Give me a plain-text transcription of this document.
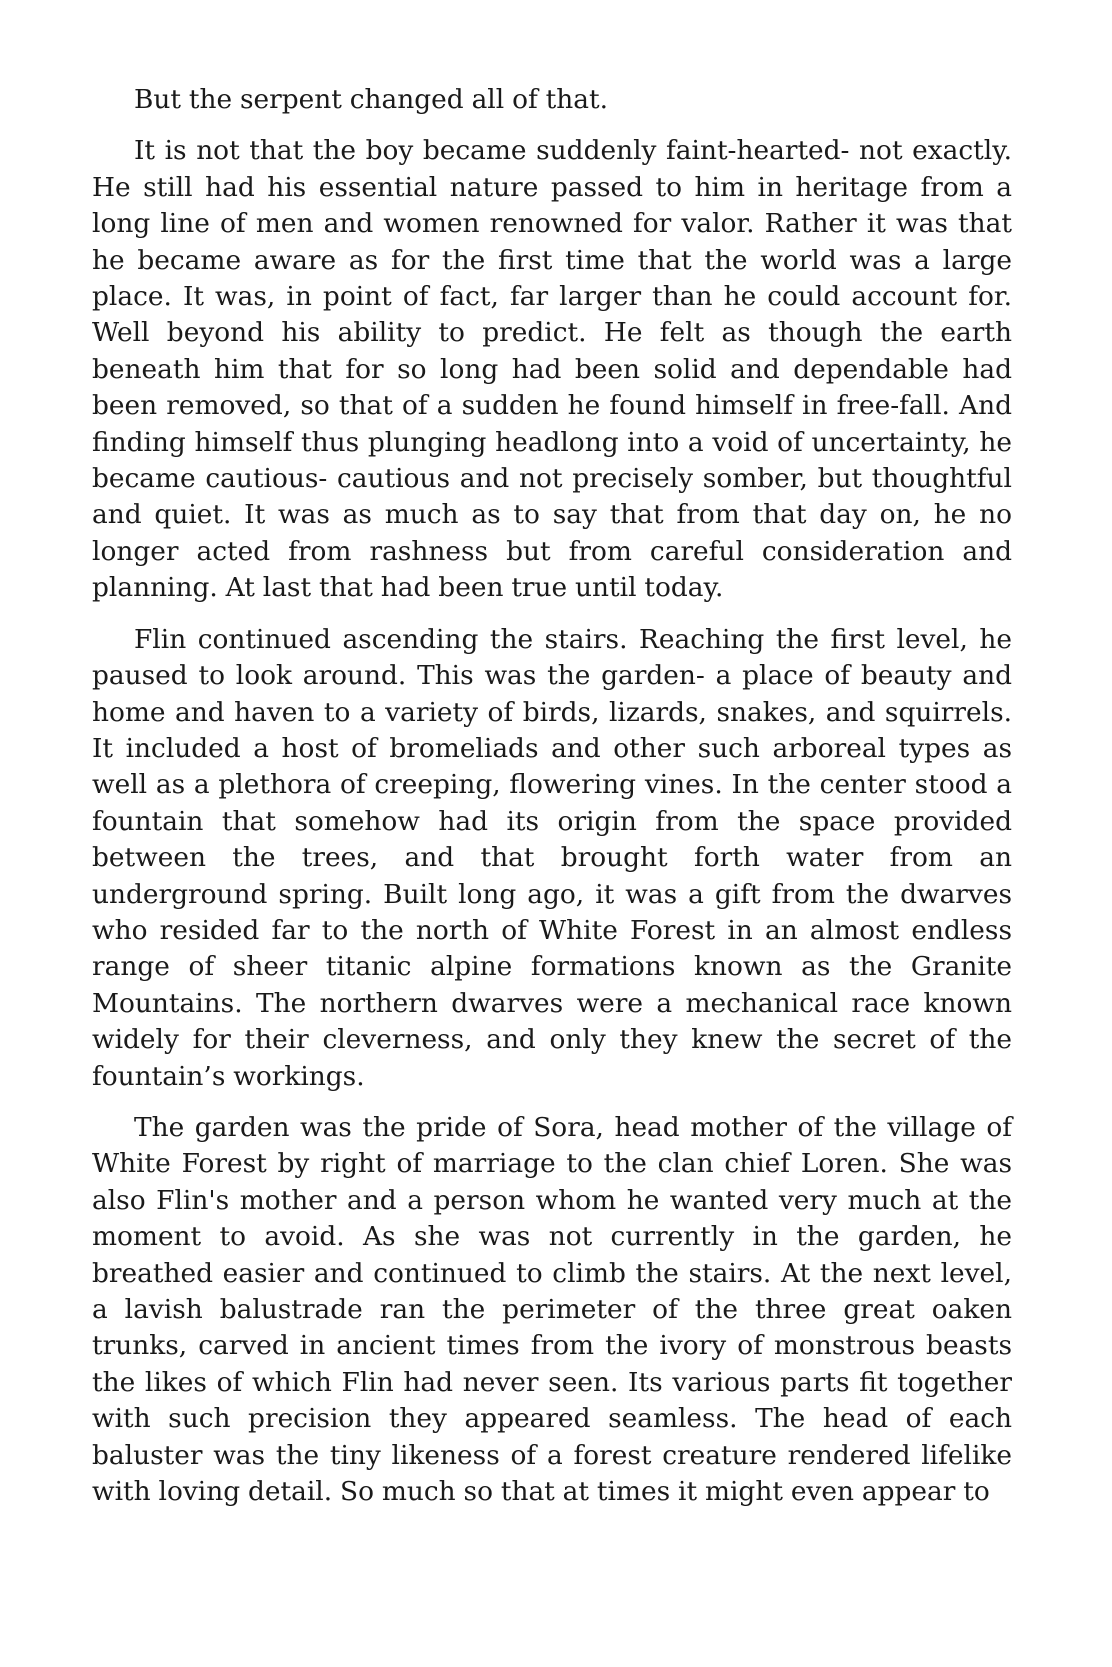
But the serpent changed all of that.

It is not that the boy became suddenly faint-hearted- not exactly. He still had his essential nature passed to him in heritage from a long line of men and women renowned for valor. Rather it was that he became aware as for the first time that the world was a large place. It was, in point of fact, far larger than he could account for. Well beyond his ability to predict. He felt as though the earth beneath him that for so long had been solid and dependable had been removed, so that of a sudden he found himself in free-fall. And finding himself thus plunging headlong into a void of uncertainty, he became cautious- cautious and not precisely somber, but thoughtful and quiet. It was as much as to say that from that day on, he no longer acted from rashness but from careful consideration and planning. At last that had been true until today.

Flin continued ascending the stairs. Reaching the first level, he paused to look around. This was the garden- a place of beauty and home and haven to a variety of birds, lizards, snakes, and squirrels. It included a host of bromeliads and other such arboreal types as well as a plethora of creeping, flowering vines. In the center stood a fountain that somehow had its origin from the space provided between the trees, and that brought forth water from an underground spring. Built long ago, it was a gift from the dwarves who resided far to the north of White Forest in an almost endless range of sheer titanic alpine formations known as the Granite Mountains. The northern dwarves were a mechanical race known widely for their cleverness, and only they knew the secret of the fountain’s workings.

The garden was the pride of Sora, head mother of the village of White Forest by right of marriage to the clan chief Loren. She was also Flin's mother and a person whom he wanted very much at the moment to avoid. As she was not currently in the garden, he breathed easier and continued to climb the stairs. At the next level, a lavish balustrade ran the perimeter of the three great oaken trunks, carved in ancient times from the ivory of monstrous beasts the likes of which Flin had never seen. Its various parts fit together with such precision they appeared seamless. The head of each baluster was the tiny likeness of a forest creature rendered lifelike with loving detail. So much so that at times it might even appear to
